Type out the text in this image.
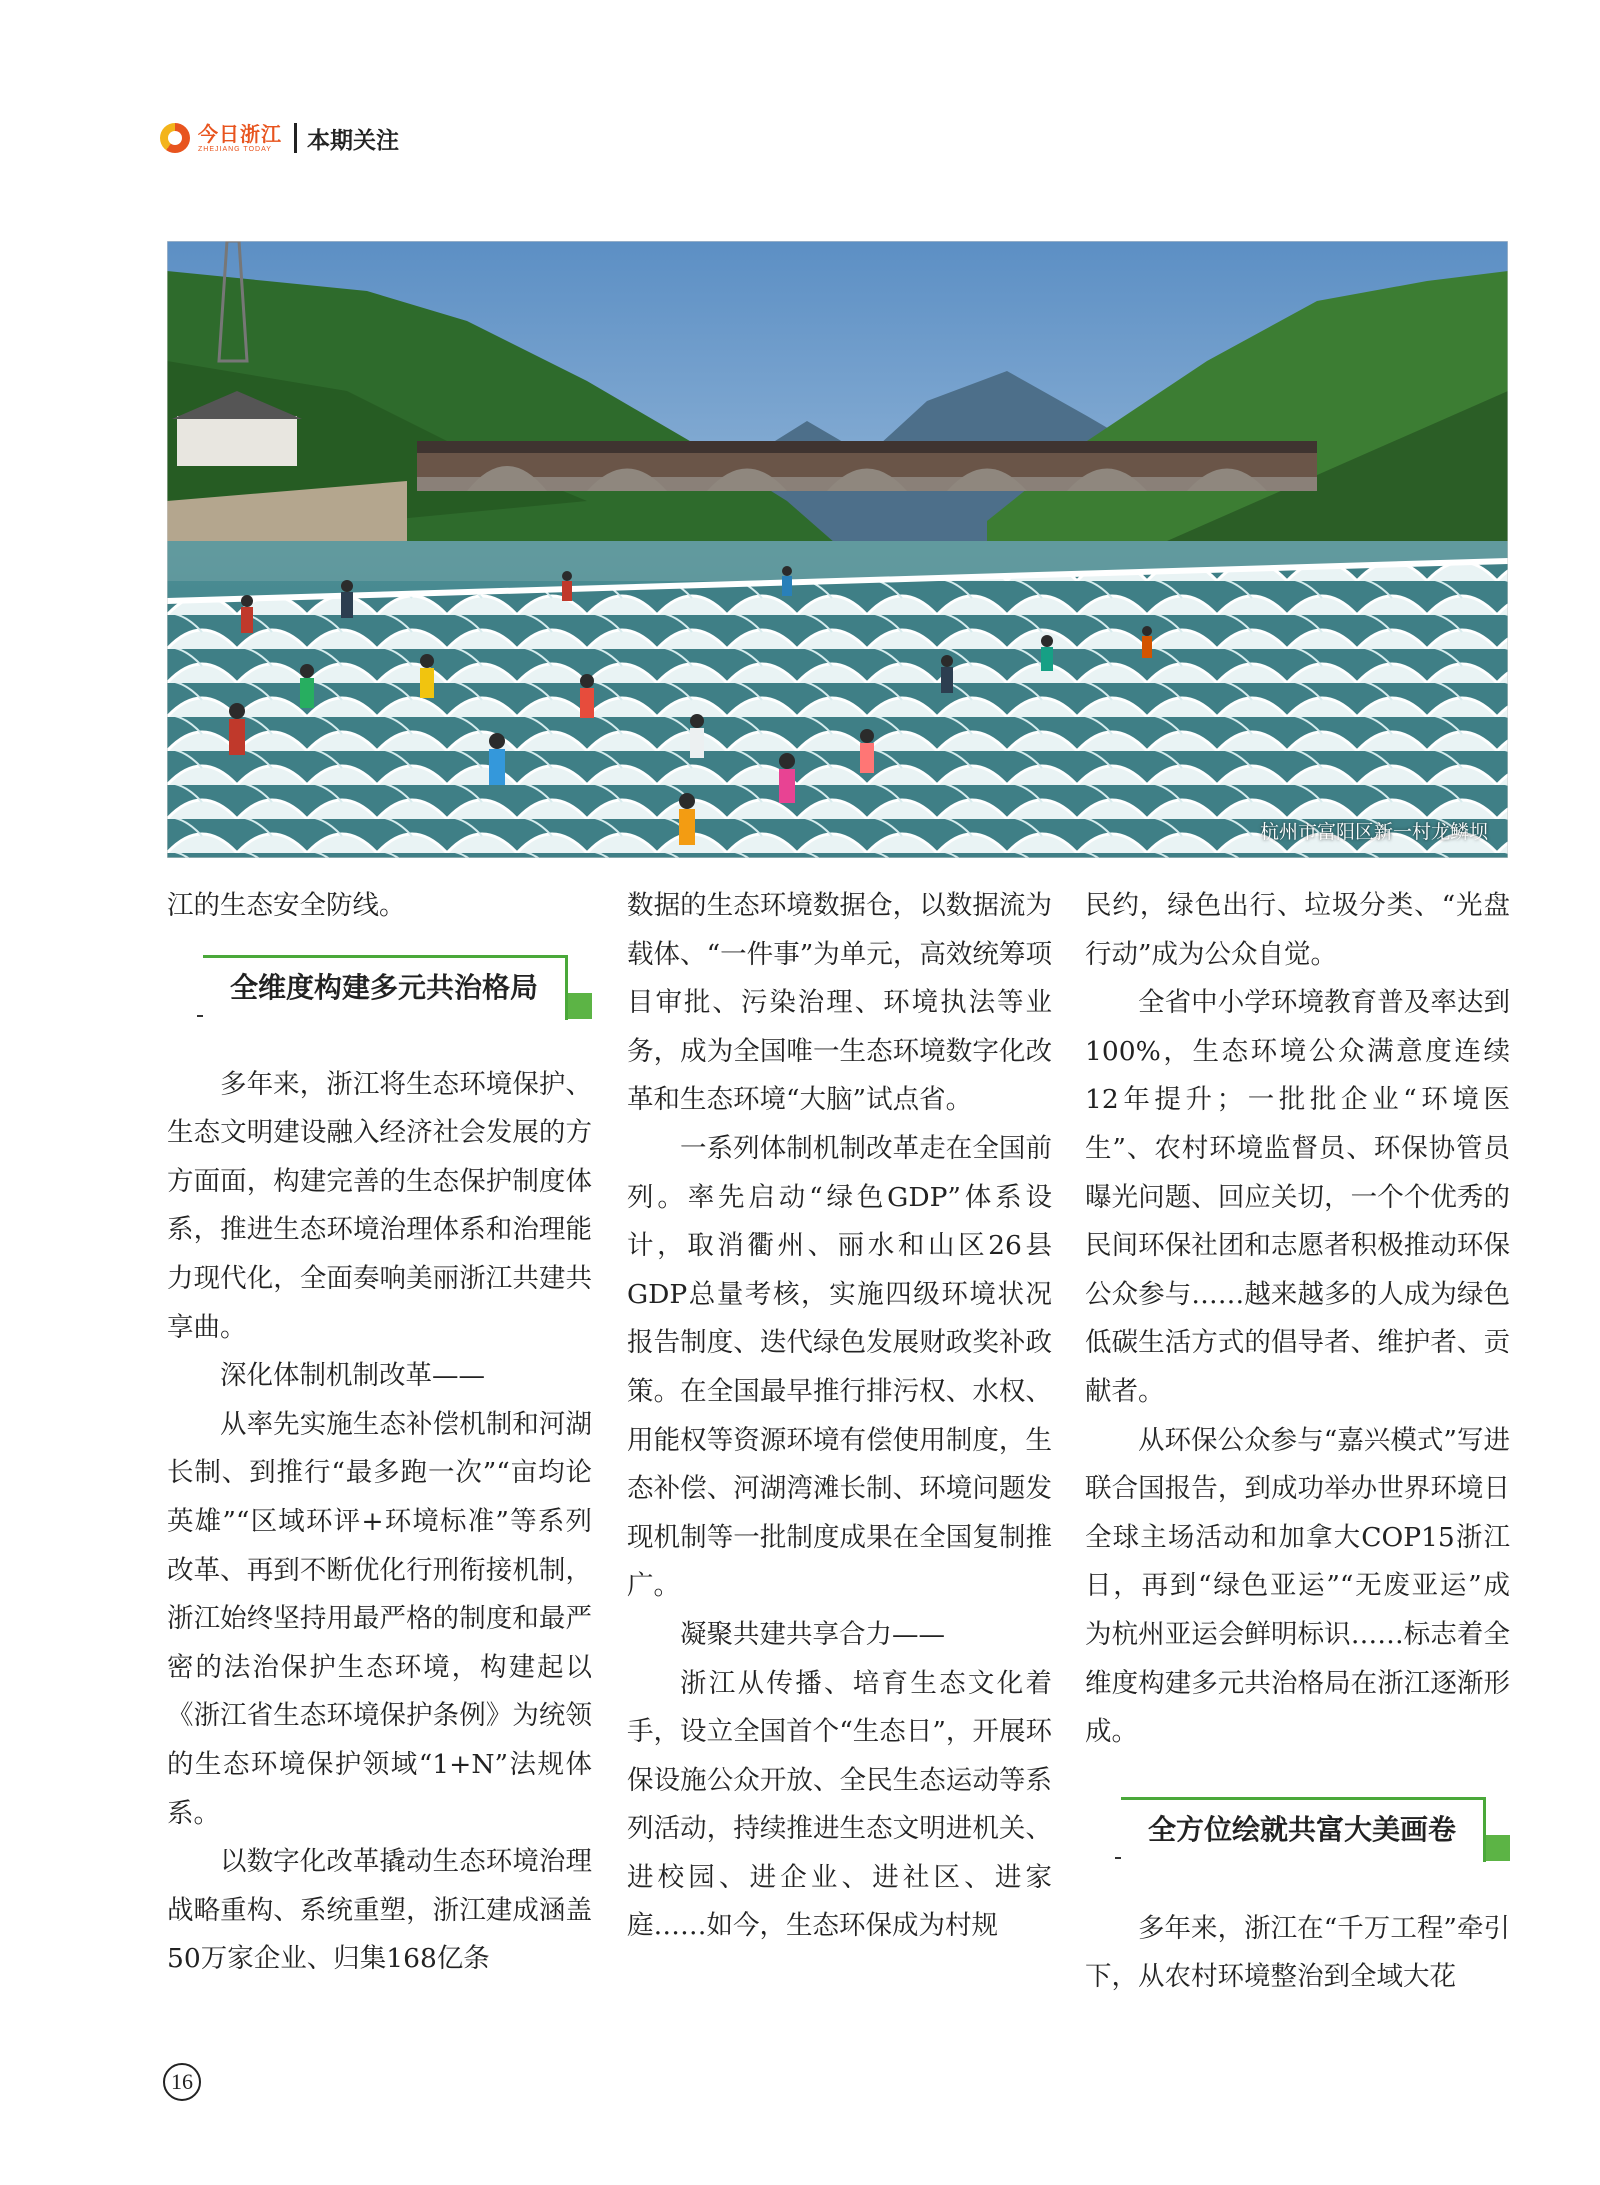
今日浙江
ZHEJIANG TODAY	本期关注
杭州市富阳区新一村龙鳞坝

江的生态安全防线。

全维度构建多元共治格局

多年来，浙江将生态环境保护、生态文明建设融入经济社会发展的方方面面，构建完善的生态保护制度体系，推进生态环境治理体系和治理能力现代化，全面奏响美丽浙江共建共享曲。

深化体制机制改革——

从率先实施生态补偿机制和河湖长制、到推行“最多跑一次”“亩均论英雄”“区域环评+环境标准”等系列改革、再到不断优化行刑衔接机制，浙江始终坚持用最严格的制度和最严密的法治保护生态环境，构建起以《浙江省生态环境保护条例》为统领的生态环境保护领域“1+N”法规体系。

以数字化改革撬动生态环境治理战略重构、系统重塑，浙江建成涵盖50万家企业、归集168亿条

数据的生态环境数据仓，以数据流为载体、“一件事”为单元，高效统筹项目审批、污染治理、环境执法等业务，成为全国唯一生态环境数字化改革和生态环境“大脑”试点省。

一系列体制机制改革走在全国前列。率先启动“绿色GDP”体系设计，取消衢州、丽水和山区26县GDP总量考核，实施四级环境状况报告制度、迭代绿色发展财政奖补政策。在全国最早推行排污权、水权、用能权等资源环境有偿使用制度，生态补偿、河湖湾滩长制、环境问题发现机制等一批制度成果在全国复制推广。

凝聚共建共享合力——

浙江从传播、培育生态文化着手，设立全国首个“生态日”，开展环保设施公众开放、全民生态运动等系列活动，持续推进生态文明进机关、进校园、进企业、进社区、进家庭……如今，生态环保成为村规

民约，绿色出行、垃圾分类、“光盘行动”成为公众自觉。

全省中小学环境教育普及率达到100%，生态环境公众满意度连续12年提升；一批批企业“环境医生”、农村环境监督员、环保协管员曝光问题、回应关切，一个个优秀的民间环保社团和志愿者积极推动环保公众参与……越来越多的人成为绿色低碳生活方式的倡导者、维护者、贡献者。

从环保公众参与“嘉兴模式”写进联合国报告，到成功举办世界环境日全球主场活动和加拿大COP15浙江日，再到“绿色亚运”“无废亚运”成为杭州亚运会鲜明标识……标志着全维度构建多元共治格局在浙江逐渐形成。

全方位绘就共富大美画卷

多年来，浙江在“千万工程”牵引下，从农村环境整治到全域大花

16
